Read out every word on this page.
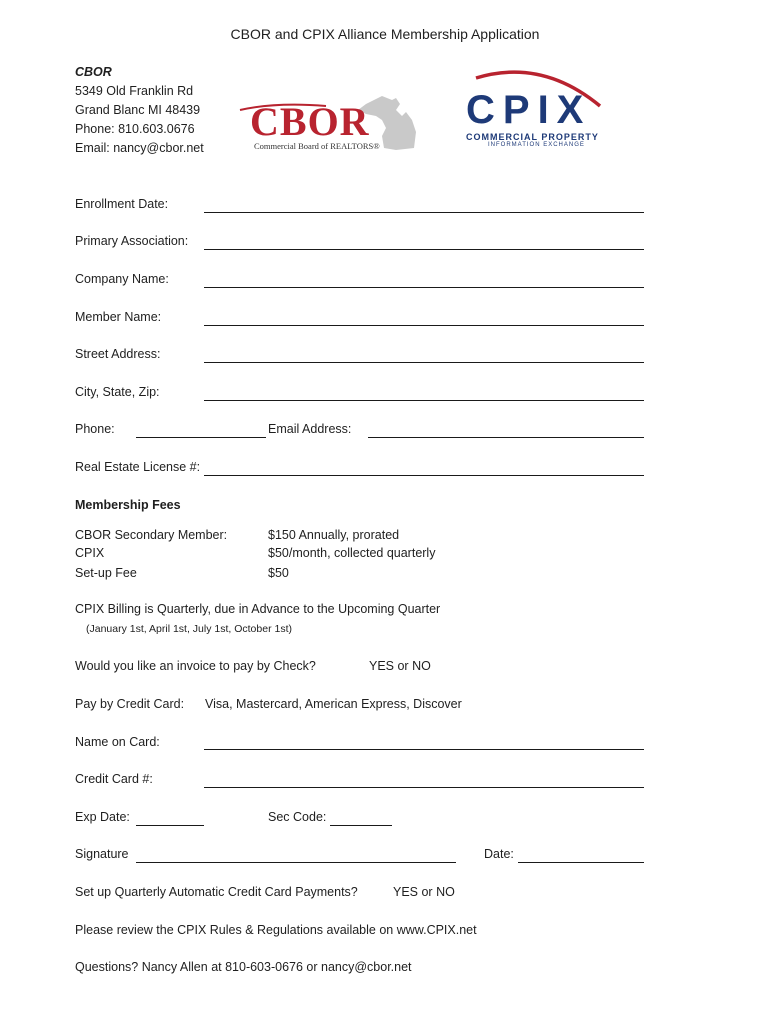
CBOR and CPIX Alliance Membership Application
CBOR
5349 Old Franklin Rd
Grand Blanc MI 48439
Phone: 810.603.0676
Email: nancy@cbor.net
CBOR
Commercial Board of REALTORS®
CPIX
COMMERCIAL PROPERTY
INFORMATION EXCHANGE
Enrollment Date:
Primary Association:
Company Name:
Member Name:
Street Address:
City, State, Zip:
Phone:	Email Address:
Real Estate License #:
Membership Fees
CBOR Secondary Member:	$150 Annually, prorated
CPIX	$50/month, collected quarterly
Set-up Fee	$50
CPIX Billing is Quarterly, due in Advance to the Upcoming Quarter
(January 1st, April 1st, July 1st, October 1st)
Would you like an invoice to pay by Check?	YES or NO
Pay by Credit Card: Visa, Mastercard, American Express, Discover
Name on Card:
Credit Card #:
Exp Date:	Sec Code:
Signature	Date:
Set up Quarterly Automatic Credit Card Payments?	YES or NO
Please review the CPIX Rules & Regulations available on www.CPIX.net
Questions? Nancy Allen at 810-603-0676 or nancy@cbor.net
